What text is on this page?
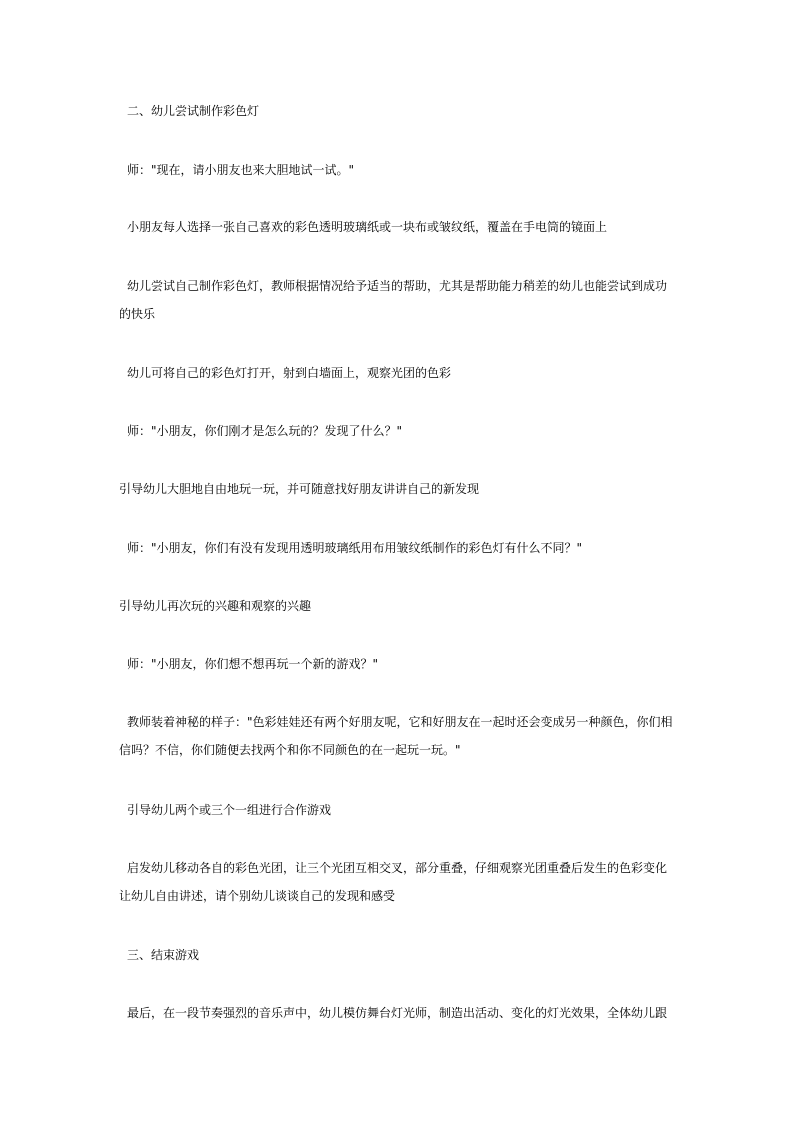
二、幼儿尝试制作彩色灯

师："现在，请小朋友也来大胆地试一试。"

小朋友每人选择一张自己喜欢的彩色透明玻璃纸或一块布或皱纹纸，覆盖在手电筒的镜面上

幼儿尝试自己制作彩色灯，教师根据情况给予适当的帮助，尤其是帮助能力稍差的幼儿也能尝试到成功的快乐

幼儿可将自己的彩色灯打开，射到白墙面上，观察光团的色彩

师："小朋友，你们刚才是怎么玩的？发现了什么？"

引导幼儿大胆地自由地玩一玩，并可随意找好朋友讲讲自己的新发现

师："小朋友，你们有没有发现用透明玻璃纸用布用皱纹纸制作的彩色灯有什么不同？"

引导幼儿再次玩的兴趣和观察的兴趣

师："小朋友，你们想不想再玩一个新的游戏？"

教师装着神秘的样子："色彩娃娃还有两个好朋友呢，它和好朋友在一起时还会变成另一种颜色，你们相信吗？不信，你们随便去找两个和你不同颜色的在一起玩一玩。"

引导幼儿两个或三个一组进行合作游戏

启发幼儿移动各自的彩色光团，让三个光团互相交叉，部分重叠，仔细观察光团重叠后发生的色彩变化

让幼儿自由讲述，请个别幼儿谈谈自己的发现和感受

三、结束游戏

最后，在一段节奏强烈的音乐声中，幼儿模仿舞台灯光师，制造出活动、变化的灯光效果，全体幼儿跟
